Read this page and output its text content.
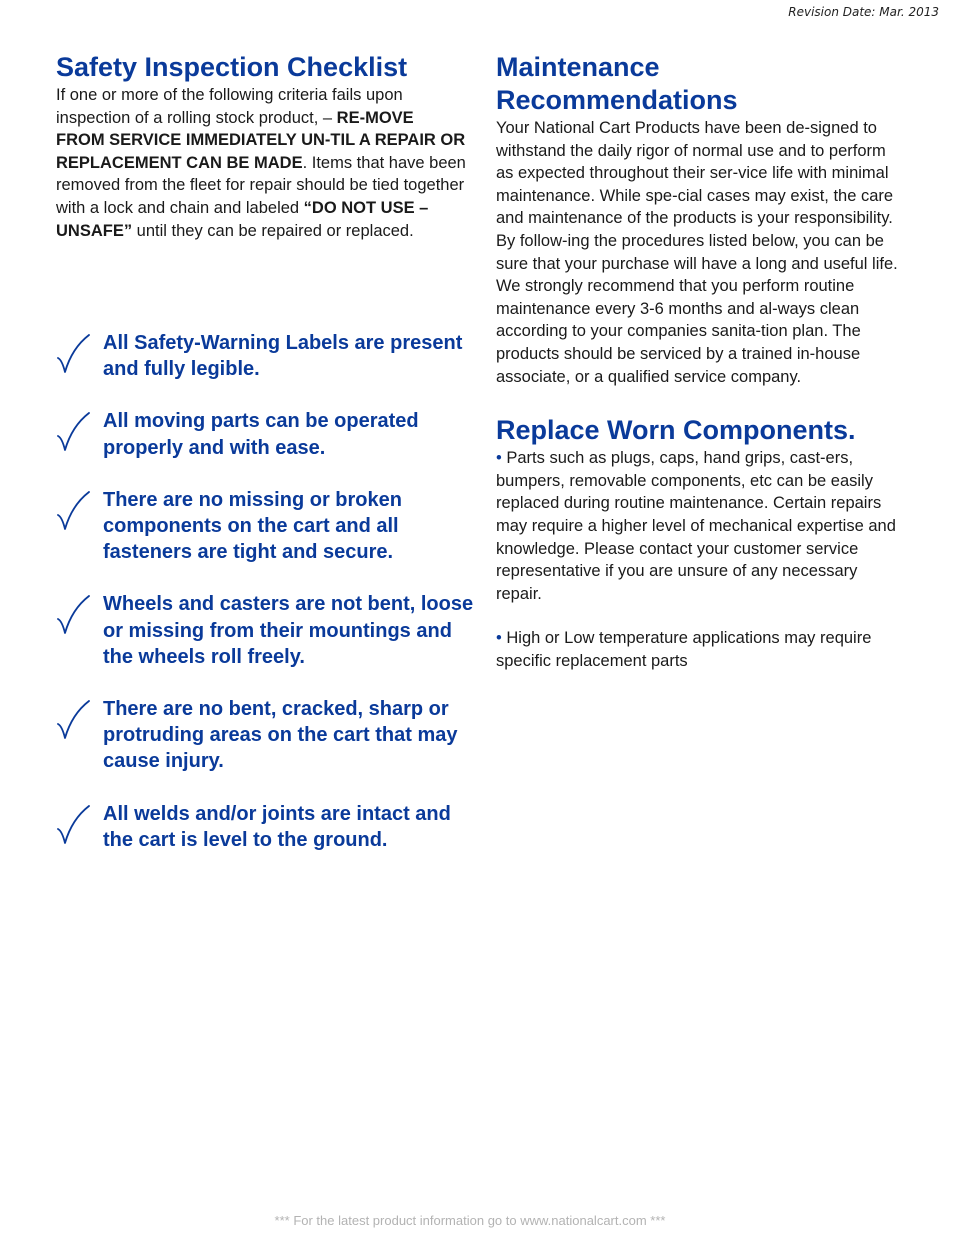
Revision Date: Mar. 2013
Safety Inspection Checklist

If one or more of the following criteria fails upon inspection of a rolling stock product, – RE-MOVE FROM SERVICE IMMEDIATELY UN-TIL A REPAIR OR REPLACEMENT CAN BE MADE. Items that have been removed from the fleet for repair should be tied together with a lock and chain and labeled “DO NOT USE – UNSAFE” until they can be repaired or replaced.

All Safety-Warning Labels are present and fully legible.
All moving parts can be operated properly and with ease.
There are no missing or broken components on the cart and all fasteners are tight and secure.
Wheels and casters are not bent, loose or missing from their mountings and the wheels roll freely.
There are no bent, cracked, sharp or protruding areas on the cart that may cause injury.
All welds and/or joints are intact and the cart is level to the ground.
Maintenance Recommendations

Your National Cart Products have been de-signed to withstand the daily rigor of normal use and to perform as expected throughout their ser-vice life with minimal maintenance. While spe-cial cases may exist, the care and maintenance of the products is your responsibility. By follow-ing the procedures listed below, you can be sure that your purchase will have a long and useful life. We strongly recommend that you perform routine maintenance every 3-6 months and al-ways clean according to your companies sanita-tion plan. The products should be serviced by a trained in-house associate, or a qualified service company.

Replace Worn Components.

• Parts such as plugs, caps, hand grips, cast-ers, bumpers, removable components, etc can be easily replaced during routine maintenance. Certain repairs may require a higher level of mechanical expertise and knowledge. Please contact your customer service representative if you are unsure of any necessary repair.

• High or Low temperature applications may require specific replacement parts

*** For the latest product information go to www.nationalcart.com ***
